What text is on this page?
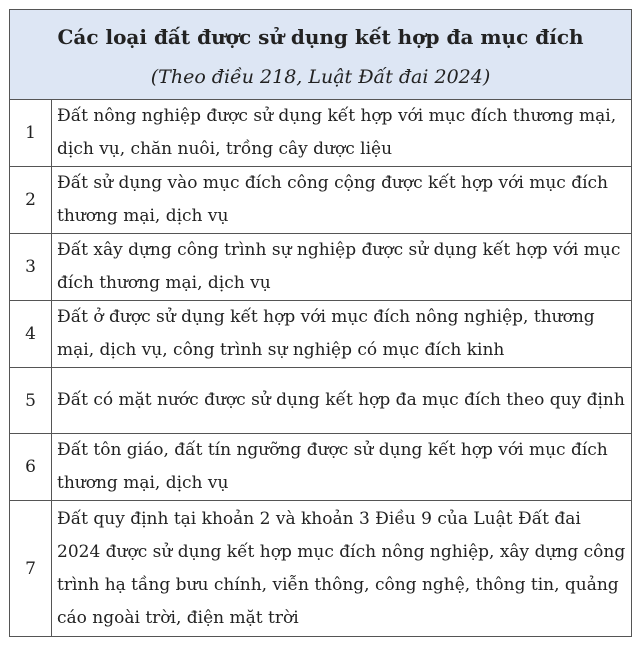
Các loại đất được sử dụng kết hợp đa mục đích
(Theo điều 218, Luật Đất đai 2024)	

1	Đất nông nghiệp được sử dụng kết hợp với mục đích thương mại, dịch vụ, chăn nuôi, trồng cây dược liệu
2	Đất sử dụng vào mục đích công cộng được kết hợp với mục đích thương mại, dịch vụ
3	Đất xây dựng công trình sự nghiệp được sử dụng kết hợp với mục đích thương mại, dịch vụ
4	Đất ở được sử dụng kết hợp với mục đích nông nghiệp, thương mại, dịch vụ, công trình sự nghiệp có mục đích kinh
5	Đất có mặt nước được sử dụng kết hợp đa mục đích theo quy định
6	Đất tôn giáo, đất tín ngưỡng được sử dụng kết hợp với mục đích thương mại, dịch vụ
7	Đất quy định tại khoản 2 và khoản 3 Điều 9 của Luật Đất đai 2024 được sử dụng kết hợp mục đích nông nghiệp, xây dựng công trình hạ tầng bưu chính, viễn thông, công nghệ, thông tin, quảng cáo ngoài trời, điện mặt trời
